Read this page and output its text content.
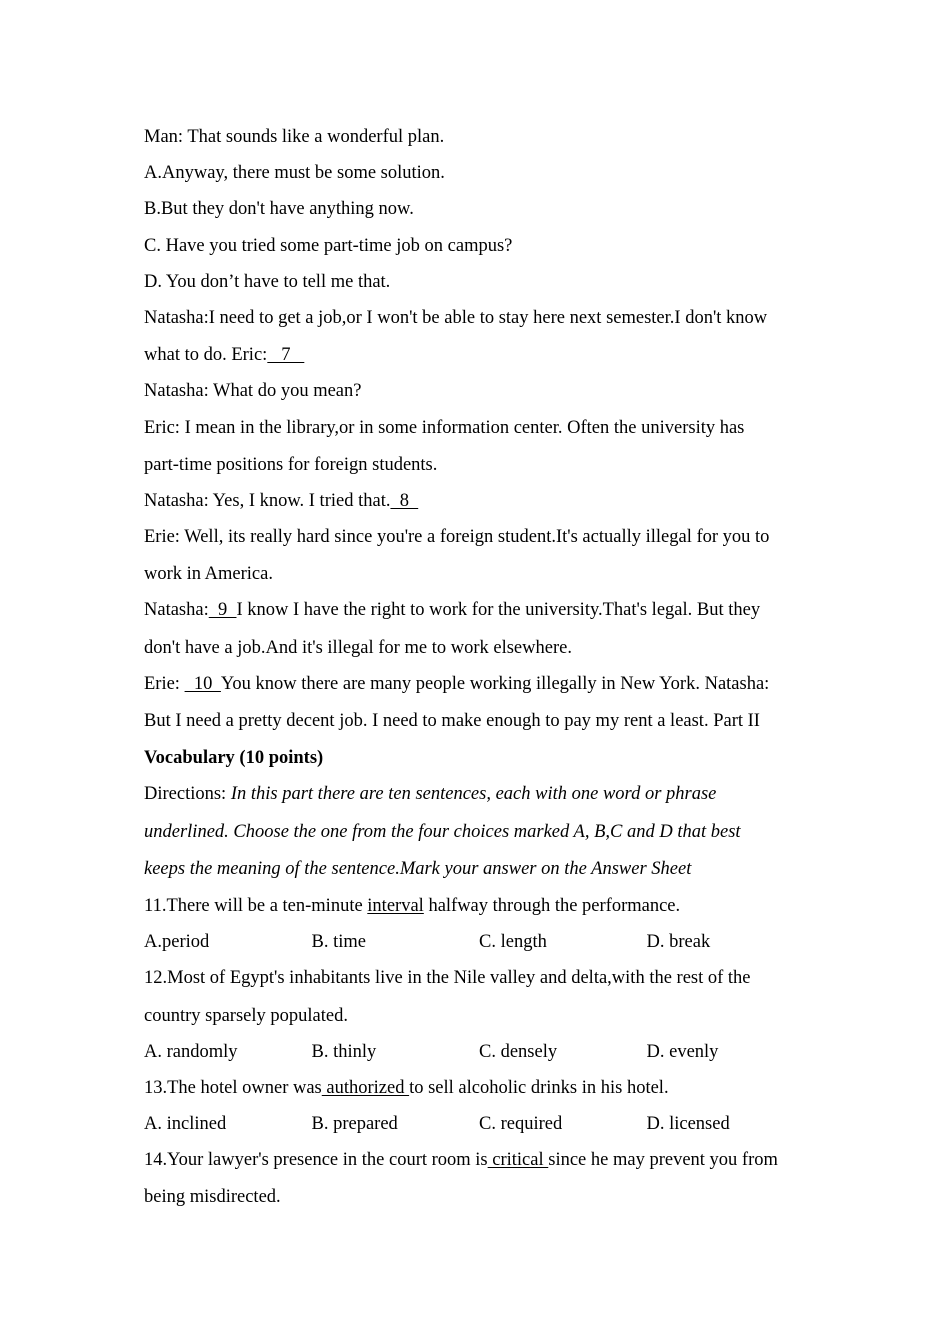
Man: That sounds like a wonderful plan.
A.Anyway, there must be some solution.
B.But they don't have anything now.
C. Have you tried some part-time job on campus?
D. You don’t have to tell me that.
Natasha:I need to get a job,or I won't be able to stay here next semester.I don't know
what to do. Eric:   7
Natasha: What do you mean?
Eric: I mean in the library,or in some information center. Often the university has
part-time positions for foreign students.
Natasha: Yes, I know. I tried that.  8
Erie: Well, its really hard since you're a foreign student.It's actually illegal for you to
work in America.
Natasha:  9  I know I have the right to work for the university.That's legal. But they
don't have a job.And it's illegal for me to work elsewhere.
Erie:   10  You know there are many people working illegally in New York. Natasha:
But I need a pretty decent job. I need to make enough to pay my rent a least. Part II
Vocabulary (10 points)
Directions: In this part there are ten sentences, each with one word or phrase
underlined. Choose the one from the four choices marked A, B,C and D that best
keeps the meaning of the sentence.Mark your answer on the Answer Sheet
11.There will be a ten-minute interval halfway through the performance.
A.period	B. time	C. length	D. break
12.Most of Egypt's inhabitants live in the Nile valley and delta,with the rest of the
country sparsely populated.
A. randomly	B. thinly	C. densely	D. evenly
13.The hotel owner was authorized to sell alcoholic drinks in his hotel.
A. inclined	B. prepared	C. required	D. licensed
14.Your lawyer's presence in the court room is critical since he may prevent you from
being misdirected.
